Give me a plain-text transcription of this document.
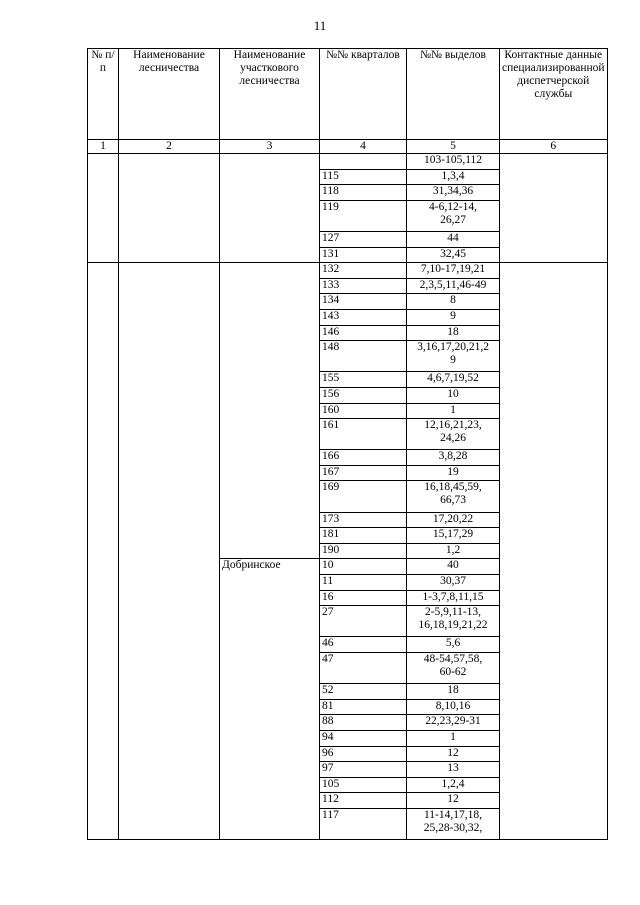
11
№ п/п	Наименование лесничества	Наименование участкового лесничества	№№ кварталов	№№ выделов	Контактные данные специализированной диспетчерской службы
1	2	3	4	5	6
				103-105,112	
			115	1,3,4	
			118	31,34,36	
			119	4-6,12-14,
26,27	
			127	44	
			131	32,45	
			132	7,10-17,19,21	
			133	2,3,5,11,46-49	
			134	8	
			143	9	
			146	18	
			148	3,16,17,20,21,2
9	
			155	4,6,7,19,52	
			156	10	
			160	1	
			161	12,16,21,23,
24,26	
			166	3,8,28	
			167	19	
			169	16,18,45,59,
66,73	
			173	17,20,22	
			181	15,17,29	
			190	1,2	
		Добринское	10	40	
			11	30,37	
			16	1-3,7,8,11,15	
			27	2-5,9,11-13,
16,18,19,21,22	
			46	5,6	
			47	48-54,57,58,
60-62	
			52	18	
			81	8,10,16	
			88	22,23,29-31	
			94	1	
			96	12	
			97	13	
			105	1,2,4	
			112	12	
			117	11-14,17,18,
25,28-30,32,	
